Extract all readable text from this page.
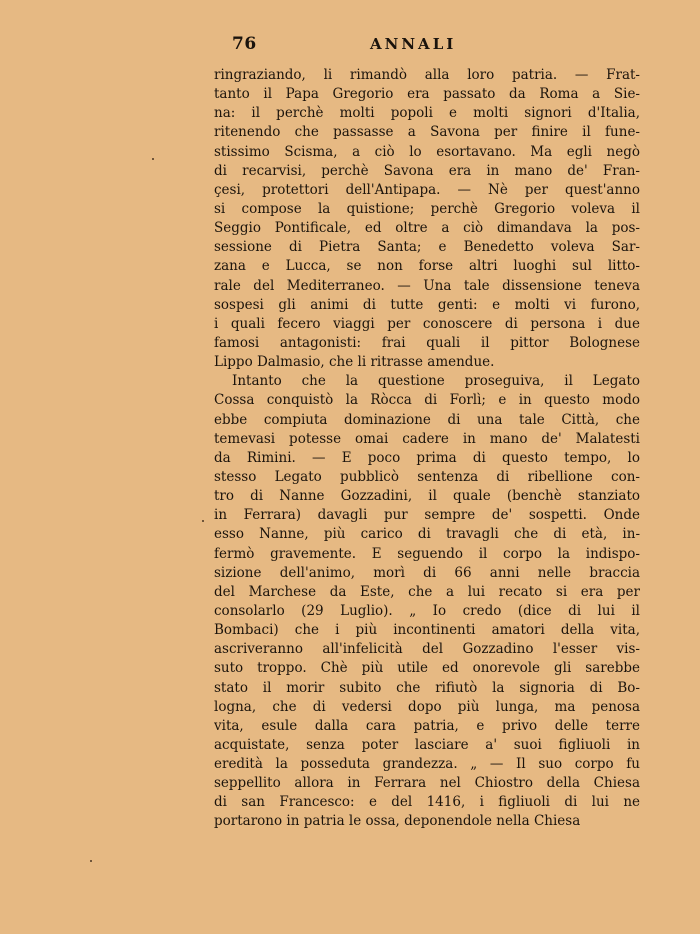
76	ANNALI
ringraziando, li rimandò alla loro patria. — Frat-
tanto il Papa Gregorio era passato da Roma a Sie-
na: il perchè molti popoli e molti signori d'Italia,
ritenendo che passasse a Savona per finire il fune-
stissimo Scisma, a ciò lo esortavano. Ma egli negò
di recarvisi, perchè Savona era in mano de' Fran-
çesi, protettori dell'Antipapa. — Nè per quest'anno
si compose la quistione; perchè Gregorio voleva il
Seggio Pontificale, ed oltre a ciò dimandava la pos-
sessione di Pietra Santa; e Benedetto voleva Sar-
zana e Lucca, se non forse altri luoghi sul litto-
rale del Mediterraneo. — Una tale dissensione teneva
sospesi gli animi di tutte genti: e molti vi furono,
i quali fecero viaggi per conoscere di persona i due
famosi antagonisti: frai quali il pittor Bolognese
Lippo Dalmasio, che li ritrasse amendue.
Intanto che la questione proseguiva, il Legato
Cossa conquistò la Ròcca di Forlì; e in questo modo
ebbe compiuta dominazione di una tale Città, che
temevasi potesse omai cadere in mano de' Malatesti
da Rimini. — E poco prima di questo tempo, lo
stesso Legato pubblicò sentenza di ribellione con-
tro di Nanne Gozzadini, il quale (benchè stanziato
in Ferrara) davagli pur sempre de' sospetti. Onde
esso Nanne, più carico di travagli che di età, in-
fermò gravemente. E seguendo il corpo la indispo-
sizione dell'animo, morì di 66 anni nelle braccia
del Marchese da Este, che a lui recato si era per
consolarlo (29 Luglio). „ Io credo (dice di lui il
Bombaci) che i più incontinenti amatori della vita,
ascriveranno all'infelicità del Gozzadino l'esser vis-
suto troppo. Chè più utile ed onorevole gli sarebbe
stato il morir subito che rifiutò la signoria di Bo-
logna, che di vedersi dopo più lunga, ma penosa
vita, esule dalla cara patria, e privo delle terre
acquistate, senza poter lasciare a' suoi figliuoli in
eredità la posseduta grandezza. „ — Il suo corpo fu
seppellito allora in Ferrara nel Chiostro della Chiesa
di san Francesco: e del 1416, i figliuoli di lui ne
portarono in patria le ossa, deponendole nella Chiesa
